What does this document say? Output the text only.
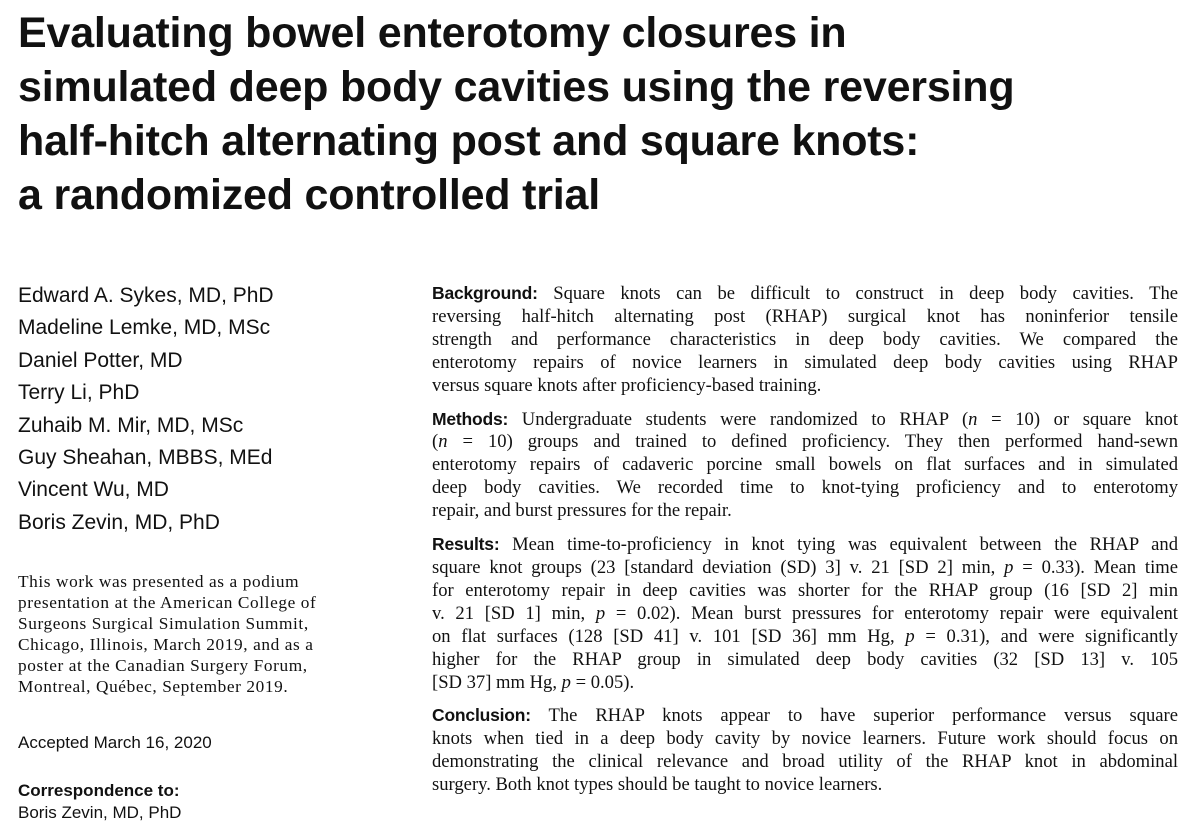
Evaluating bowel enterotomy closures in
simulated deep body cavities using the reversing
half-hitch alternating post and square knots:
a randomized controlled trial
Edward A. Sykes, MD, PhD
Madeline Lemke, MD, MSc
Daniel Potter, MD
Terry Li, PhD
Zuhaib M. Mir, MD, MSc
Guy Sheahan, MBBS, MEd
Vincent Wu, MD
Boris Zevin, MD, PhD
This work was presented as a podium
presentation at the American College of
Surgeons Surgical Simulation Summit,
Chicago, Illinois, March 2019, and as a
poster at the Canadian Surgery Forum,
Montreal, Québec, September 2019.

Accepted March 16, 2020

Correspondence to:

Boris Zevin, MD, PhD

Background: Square knots can be difficult to construct in deep body cavities. The
reversing half-hitch alternating post (RHAP) surgical knot has noninferior tensile
strength and performance characteristics in deep body cavities. We compared the
enterotomy repairs of novice learners in simulated deep body cavities using RHAP
versus square knots after proficiency-based training.

Methods: Undergraduate students were randomized to RHAP (n = 10) or square knot
(n = 10) groups and trained to defined proficiency. They then performed hand-sewn
enterotomy repairs of cadaveric porcine small bowels on flat surfaces and in simulated
deep body cavities. We recorded time to knot-tying proficiency and to enterotomy
repair, and burst pressures for the repair.

Results: Mean time-to-proficiency in knot tying was equivalent between the RHAP and
square knot groups (23 [standard deviation (SD) 3] v. 21 [SD 2] min, p = 0.33). Mean time
for enterotomy repair in deep cavities was shorter for the RHAP group (16 [SD 2] min
v. 21 [SD 1] min, p = 0.02). Mean burst pressures for enterotomy repair were equivalent
on flat surfaces (128 [SD 41] v. 101 [SD 36] mm Hg, p = 0.31), and were significantly
higher for the RHAP group in simulated deep body cavities (32 [SD 13] v. 105
[SD 37] mm Hg, p = 0.05).

Conclusion: The RHAP knots appear to have superior performance versus square
knots when tied in a deep body cavity by novice learners. Future work should focus on
demonstrating the clinical relevance and broad utility of the RHAP knot in abdominal
surgery. Both knot types should be taught to novice learners.
